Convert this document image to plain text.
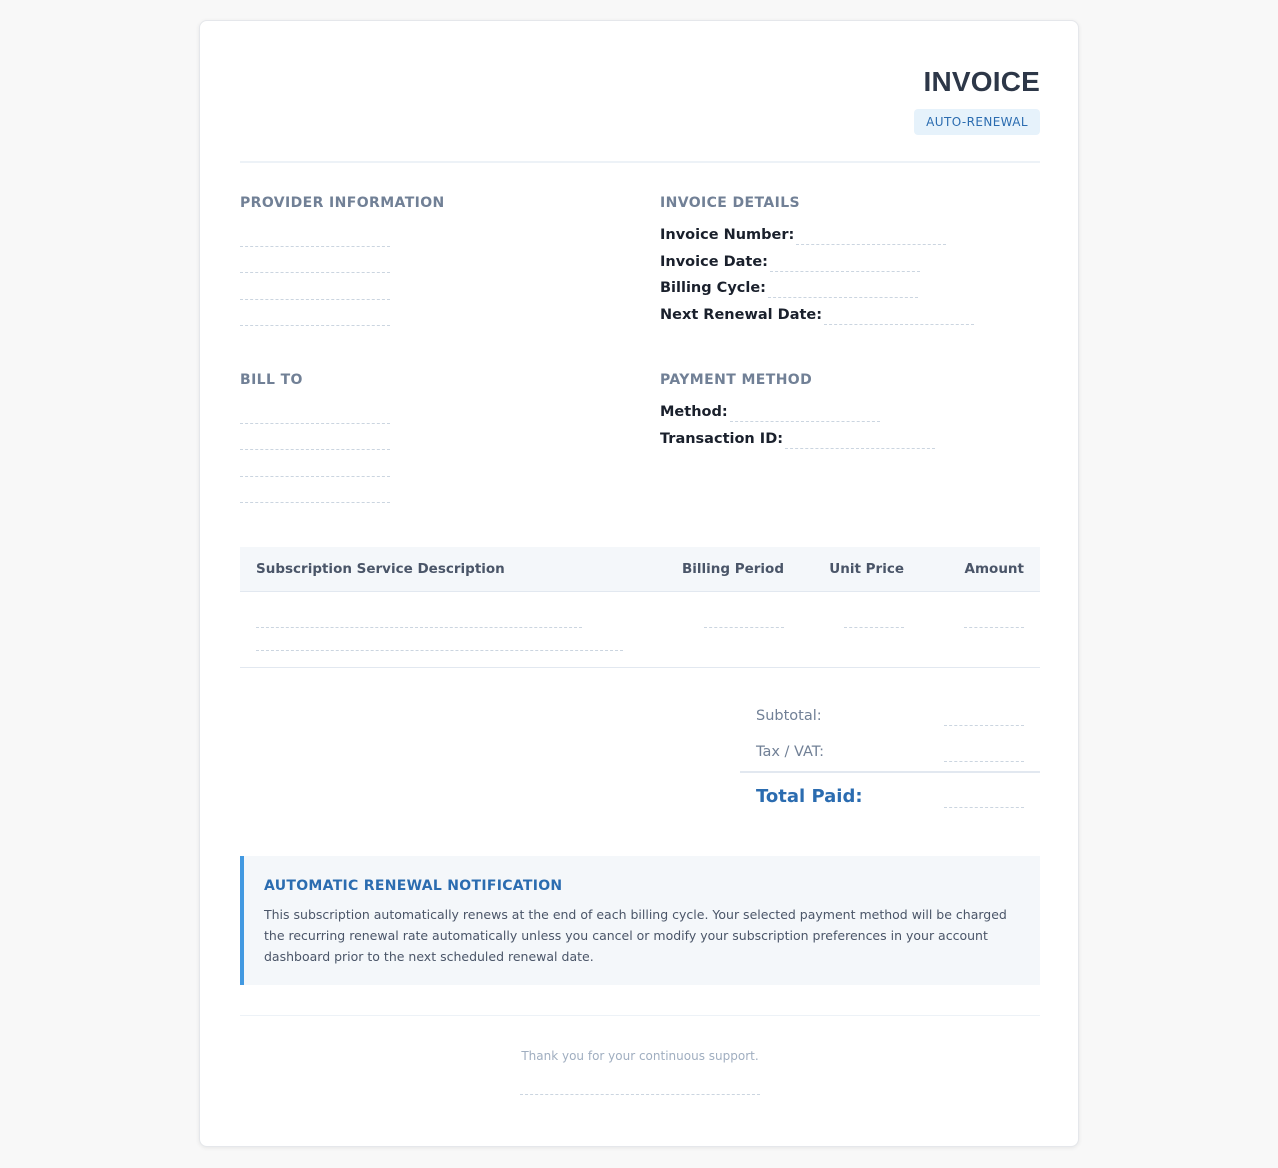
INVOICE
AUTO-RENEWAL
PROVIDER INFORMATION	INVOICE DETAILS
Invoice Number:
Invoice Date:
Billing Cycle:
Next Renewal Date:
BILL TO	PAYMENT METHOD
Method:
Transaction ID:
Subscription Service Description	Billing Period	Unit Price	Amount
Subtotal:
Tax / VAT:
Total Paid:
AUTOMATIC RENEWAL NOTIFICATION
This subscription automatically renews at the end of each billing cycle. Your selected payment method will be charged the recurring renewal rate automatically unless you cancel or modify your subscription preferences in your account dashboard prior to the next scheduled renewal date.
Thank you for your continuous support.
